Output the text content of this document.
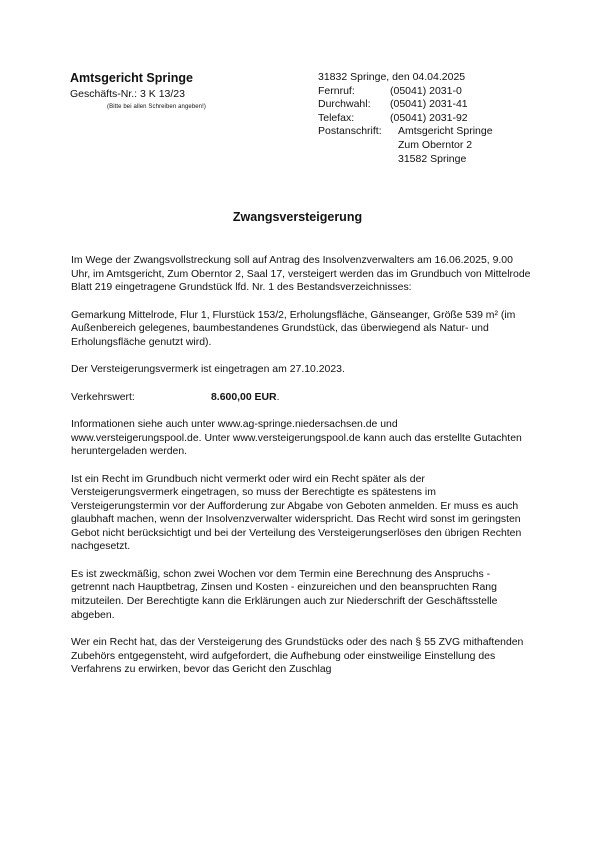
Amtsgericht Springe
Geschäfts-Nr.: 3 K 13/23
(Bitte bei allen Schreiben angeben!)
31832 Springe, den 04.04.2025
Fernruf:	(05041) 2031-0
Durchwahl:	(05041) 2031-41
Telefax:	(05041) 2031-92
Postanschrift:	Amtsgericht Springe
Zum Oberntor 2
31582 Springe
Zwangsversteigerung

Im Wege der Zwangsvollstreckung soll auf Antrag des Insolvenzverwalters am 16.06.2025, 9.00 Uhr, im Amtsgericht, Zum Oberntor 2, Saal 17, versteigert werden das im Grundbuch von Mittelrode Blatt 219 eingetragene Grundstück lfd. Nr. 1 des Bestandsverzeichnisses:

Gemarkung Mittelrode, Flur 1, Flurstück 153/2, Erholungsfläche, Gänseanger, Größe 539 m² (im Außenbereich gelegenes, baumbestandenes Grundstück, das überwiegend als Natur- und Erholungsfläche genutzt wird).

Der Versteigerungsvermerk ist eingetragen am 27.10.2023.

Verkehrswert:	8.600,00 EUR.

Informationen siehe auch unter www.ag-springe.niedersachsen.de und www.versteigerungspool.de. Unter www.versteigerungspool.de kann auch das erstellte Gutachten heruntergeladen werden.

Ist ein Recht im Grundbuch nicht vermerkt oder wird ein Recht später als der Versteigerungsvermerk eingetragen, so muss der Berechtigte es spätestens im Versteigerungstermin vor der Aufforderung zur Abgabe von Geboten anmelden. Er muss es auch glaubhaft machen, wenn der Insolvenzverwalter widerspricht. Das Recht wird sonst im geringsten Gebot nicht berücksichtigt und bei der Verteilung des Versteigerungserlöses den übrigen Rechten nachgesetzt.

Es ist zweckmäßig, schon zwei Wochen vor dem Termin eine Berechnung des Anspruchs - getrennt nach Hauptbetrag, Zinsen und Kosten - einzureichen und den beanspruchten Rang mitzuteilen. Der Berechtigte kann die Erklärungen auch zur Niederschrift der Geschäftsstelle abgeben.

Wer ein Recht hat, das der Versteigerung des Grundstücks oder des nach § 55 ZVG mithaftenden Zubehörs entgegensteht, wird aufgefordert, die Aufhebung oder einstweilige Einstellung des Verfahrens zu erwirken, bevor das Gericht den Zuschlag
